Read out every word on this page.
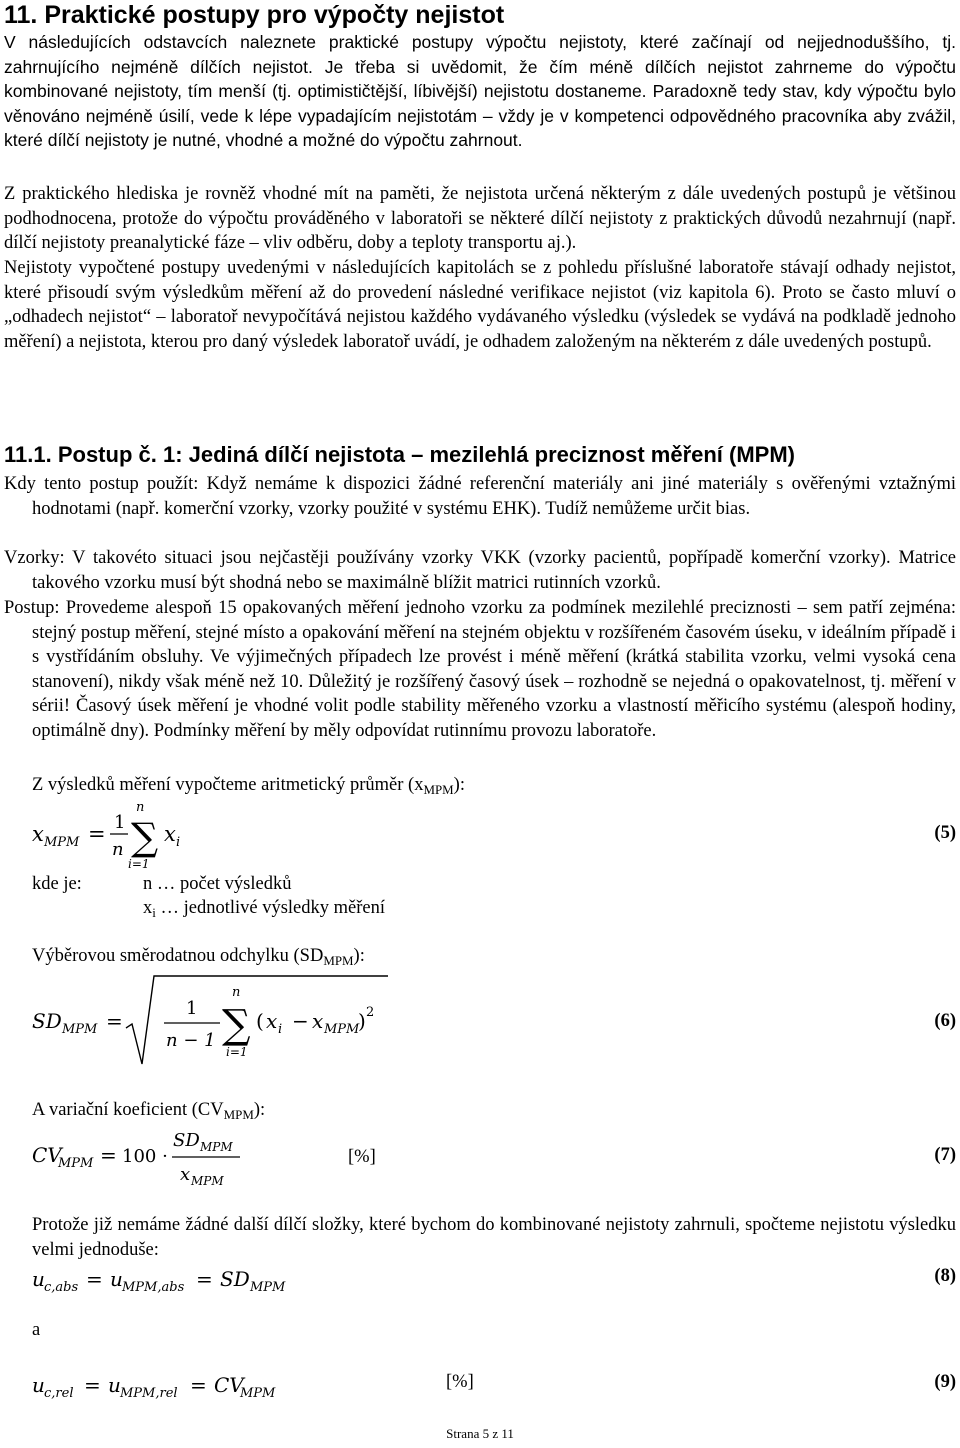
11. Praktické postupy pro výpočty nejistot
V následujících odstavcích naleznete praktické postupy výpočtu nejistoty, které začínají od nejjednoduššího, tj. zahrnujícího nejméně dílčích nejistot. Je třeba si uvědomit, že čím méně dílčích nejistot zahrneme do výpočtu kombinované nejistoty, tím menší (tj. optimističtější, líbivější) nejistotu dostaneme. Paradoxně tedy stav, kdy výpočtu bylo věnováno nejméně úsilí, vede k lépe vypadajícím nejistotám – vždy je v kompetenci odpovědného pracovníka aby zvážil, které dílčí nejistoty je nutné, vhodné a možné do výpočtu zahrnout.
Z praktického hlediska je rovněž vhodné mít na paměti, že nejistota určená některým z dále uvedených postupů je většinou podhodnocena, protože do výpočtu prováděného v laboratoři se některé dílčí nejistoty z praktických důvodů nezahrnují (např. dílčí nejistoty preanalytické fáze – vliv odběru, doby a teploty transportu aj.).
Nejistoty vypočtené postupy uvedenými v následujících kapitolách se z pohledu příslušné laboratoře stávají odhady nejistot, které přisoudí svým výsledkům měření až do provedení následné verifikace nejistot (viz kapitola 6). Proto se často mluví o „odhadech nejistot“ – laboratoř nevypočítává nejistou každého vydávaného výsledku (výsledek se vydává na podkladě jednoho měření) a nejistota, kterou pro daný výsledek laboratoř uvádí, je odhadem založeným na některém z dále uvedených postupů.
11.1. Postup č. 1: Jediná dílčí nejistota – mezilehlá preciznost měření (MPM)
Kdy tento postup použít: Když nemáme k dispozici žádné referenční materiály ani jiné materiály s ověřenými vztažnými hodnotami (např. komerční vzorky, vzorky použité v systému EHK). Tudíž nemůžeme určit bias.
Vzorky: V takovéto situaci jsou nejčastěji používány vzorky VKK (vzorky pacientů, popřípadě komerční vzorky). Matrice takového vzorku musí být shodná nebo se maximálně blížit matrici rutinních vzorků.
Postup: Provedeme alespoň 15 opakovaných měření jednoho vzorku za podmínek mezilehlé preciznosti – sem patří zejména: stejný postup měření, stejné místo a opakování měření na stejném objektu v rozšířeném časovém úseku, v ideálním případě i s vystřídáním obsluhy. Ve výjimečných případech lze provést i méně měření (krátká stabilita vzorku, velmi vysoká cena stanovení), nikdy však méně než 10. Důležitý je rozšířený časový úsek – rozhodně se nejedná o opakovatelnost, tj. měření v sérii! Časový úsek měření je vhodné volit podle stability měřeného vzorku a vlastností měřicího systému (alespoň hodiny, optimálně dny). Podmínky měření by měly odpovídat rutinnímu provozu laboratoře.
Z výsledků měření vypočteme aritmetický průměr $(x_{MPM})$:
x MPM = 1
n ∑
n
i=1
x i	(5)
kde je:	n … počet výsledků
$x_i$ … jednotlivé výsledky měření
Výběrovou směrodatnou odchylku $(SD_{MPM})$:
SD MPM =
1
n − 1 ∑
n
i=1
( x i − x MPM
) 2	(6)
A variační koeficient $(CV_{MPM})$:
CV
MPM = 100 ·
SD MPM
x MPM
[%]	(7)
Protože již nemáme žádné další dílčí složky, které bychom do kombinované nejistoty zahrnuli, spočteme nejistotu výsledku velmi jednoduše:
u c,abs = u MPM,abs = SD MPM
(8)
a
u c,rel = u MPM,rel = CV
MPM
[%]	(9)
Strana 5 z 11
